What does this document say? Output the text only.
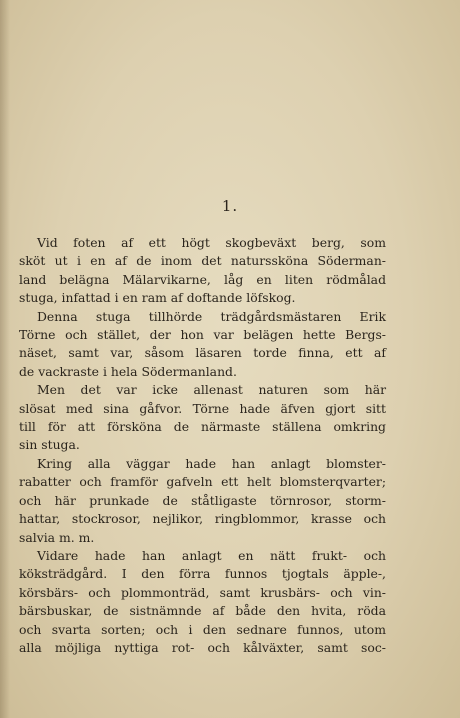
1.
Vid foten af ett högt skogbeväxt berg, som
sköt ut i en af de inom det naturssköna Söderman-
land belägna Mälarvikarne, låg en liten rödmålad
stuga, infattad i en ram af doftande löfskog.
Denna stuga tillhörde trädgårdsmästaren Erik
Törne och stället, der hon var belägen hette Bergs-
näset, samt var, såsom läsaren torde finna, ett af
de vackraste i hela Södermanland.
Men det var icke allenast naturen som här
slösat med sina gåfvor. Törne hade äfven gjort sitt
till för att försköna de närmaste ställena omkring
sin stuga.
Kring alla väggar hade han anlagt blomster-
rabatter och framför gafveln ett helt blomsterqvarter;
och här prunkade de ståtligaste törnrosor, storm-
hattar, stockrosor, nejlikor, ringblommor, krasse och
salvia m. m.
Vidare hade han anlagt en nätt frukt- och
köksträdgård. I den förra funnos tjogtals äpple-,
körsbärs- och plommonträd, samt krusbärs- och vin-
bärsbuskar, de sistnämnde af både den hvita, röda
och svarta sorten; och i den sednare funnos, utom
alla möjliga nyttiga rot- och kålväxter, samt soc-
